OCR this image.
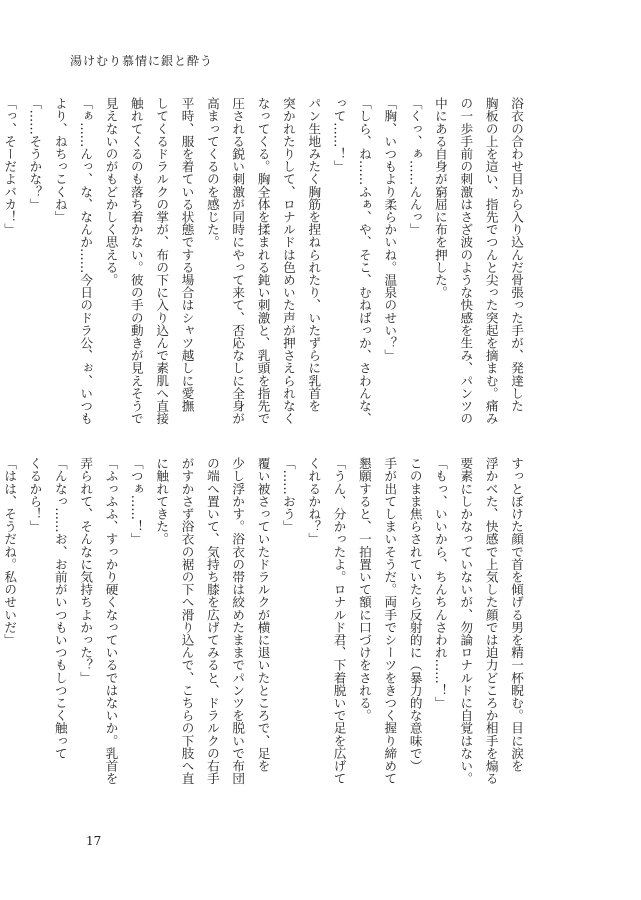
湯けむり慕情に銀と酔う

浴衣の合わせ目から入り込んだ骨張った手が、発達した

胸板の上を這い、指先でつんと尖った突起を摘まむ。痛み

の一歩手前の刺激はさざ波のような快感を生み、パンツの

中にある自身が窮屈に布を押した。

「くっ、ぁ……んんっ」

「胸、いつもより柔らかいね。温泉のせい？」

「しら、ね……ふぁ、や、そこ、むねばっか、さわんな、

って……！」

パン生地みたく胸筋を捏ねられたり、いたずらに乳首を

突かれたりして、ロナルドは色めいた声が押さえられなく

なってくる。胸全体を揉まれる鈍い刺激と、乳頭を指先で

圧される鋭い刺激が同時にやって来て、否応なしに全身が

高まってくるのを感じた。

平時、服を着ている状態でする場合はシャツ越しに愛撫

してくるドラルクの掌が、布の下に入り込んで素肌へ直接

触れてくるのも落ち着かない。彼の手の動きが見えそうで

見えないのがもどかしく思える。

「ぁ……んっ、な、なんか……今日のドラ公、ぉ、いつも

より、ねちっこくね」

「……そうかな？」

「っ、そーだよバカ！」

すっとぼけた顔で首を傾げる男を精一杯睨む。目に涙を

浮かべた、快感で上気した顔では迫力どころか相手を煽る

要素にしかなっていないが、勿論ロナルドに自覚はない。

「もっ、いいから、ちんちんさわれ……！」

このまま焦らされていたら反射的に（暴力的な意味で）

手が出てしまいそうだ。両手でシーツをきつく握り締めて

懇願すると、一拍置いて額に口づけをされる。

「うん、分かったよ。ロナルド君、下着脱いで足を広げて

くれるかね？」

「……おう」

覆い被さっていたドラルクが横に退いたところで、足を

少し浮かす。浴衣の帯は絞めたままでパンツを脱いで布団

の端へ置いて、気持ち膝を広げてみると、ドラルクの右手

がすかさず浴衣の裾の下へ滑り込んで、こちらの下肢へ直

に触れてきた。

「つぁ……！」

「ふっふふ、すっかり硬くなっているではないか。乳首を

弄られて、そんなに気持ちよかった？」

「んなっ……お、お前がいつもいつもしつこく触って

くるから！」

「はは、そうだね。私のせいだ」

17
